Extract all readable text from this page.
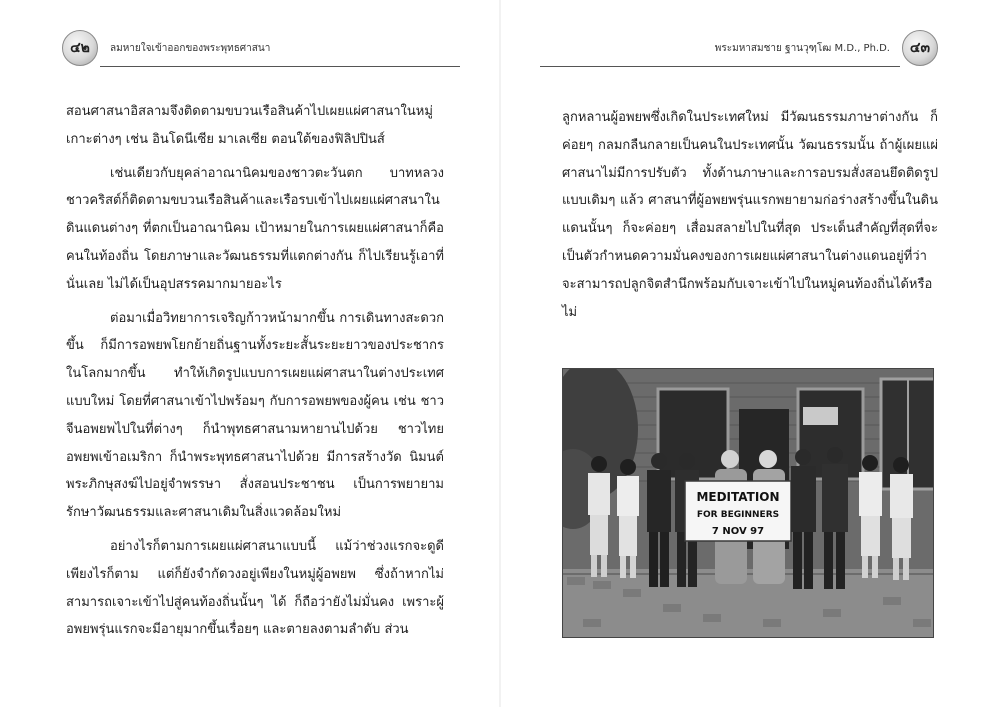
๔๒	ลมหายใจเข้าออกของพระพุทธศาสนา

สอนศาสนาอิสลามจึงติดตามขบวนเรือสินค้าไปเผยแผ่ศาสนาในหมู่เกาะต่างๆ เช่น อินโดนีเซีย มาเลเซีย ตอนใต้ของฟิลิปปินส์

เช่นเดียวกับยุคล่าอาณานิคมของชาวตะวันตก บาทหลวงชาวคริสต์ก็ติดตามขบวนเรือสินค้าและเรือรบเข้าไปเผยแผ่ศาสนาในดินแดนต่างๆ ที่ตกเป็นอาณานิคม เป้าหมายในการเผยแผ่ศาสนาก็คือคนในท้องถิ่น โดยภาษาและวัฒนธรรมที่แตกต่างกัน ก็ไปเรียนรู้เอาที่นั่นเลย ไม่ได้เป็นอุปสรรคมากมายอะไร

ต่อมาเมื่อวิทยาการเจริญก้าวหน้ามากขึ้น การเดินทางสะดวกขึ้น ก็มีการอพยพโยกย้ายถิ่นฐานทั้งระยะสั้นระยะยาวของประชากรในโลกมากขึ้น ทำให้เกิดรูปแบบการเผยแผ่ศาสนาในต่างประเทศแบบใหม่ โดยที่ศาสนาเข้าไปพร้อมๆ กับการอพยพของผู้คน เช่น ชาวจีนอพยพไปในที่ต่างๆ ก็นำพุทธศาสนามหายานไปด้วย ชาวไทยอพยพเข้าอเมริกา ก็นำพระพุทธศาสนาไปด้วย มีการสร้างวัด นิมนต์พระภิกษุสงฆ์ไปอยู่จำพรรษา สั่งสอนประชาชน เป็นการพยายามรักษาวัฒนธรรมและศาสนาเดิมในสิ่งแวดล้อมใหม่

อย่างไรก็ตามการเผยแผ่ศาสนาแบบนี้ แม้ว่าช่วงแรกจะดูดีเพียงไรก็ตาม แต่ก็ยังจำกัดวงอยู่เพียงในหมู่ผู้อพยพ ซึ่งถ้าหากไม่สามารถเจาะเข้าไปสู่คนท้องถิ่นนั้นๆ ได้ ก็ถือว่ายังไม่มั่นคง เพราะผู้อพยพรุ่นแรกจะมีอายุมากขึ้นเรื่อยๆ และตายลงตามลำดับ ส่วน

พระมหาสมชาย ฐานวุฑฺโฒ M.D., Ph.D.	๔๓

ลูกหลานผู้อพยพซึ่งเกิดในประเทศใหม่ มีวัฒนธรรมภาษาต่างกัน ก็ค่อยๆ กลมกลืนกลายเป็นคนในประเทศนั้น วัฒนธรรมนั้น ถ้าผู้เผยแผ่ศาสนาไม่มีการปรับตัว ทั้งด้านภาษาและการอบรมสั่งสอนยึดติดรูปแบบเดิมๆ แล้ว ศาสนาที่ผู้อพยพรุ่นแรกพยายามก่อร่างสร้างขึ้นในดินแดนนั้นๆ ก็จะค่อยๆ เสื่อมสลายไปในที่สุด ประเด็นสำคัญที่สุดที่จะเป็นตัวกำหนดความมั่นคงของการเผยแผ่ศาสนาในต่างแดนอยู่ที่ว่า จะสามารถปลูกจิตสำนึกพร้อมกับเจาะเข้าไปในหมู่คนท้องถิ่นได้หรือไม่

MEDITATION
FOR BEGINNERS
7 NOV 97
